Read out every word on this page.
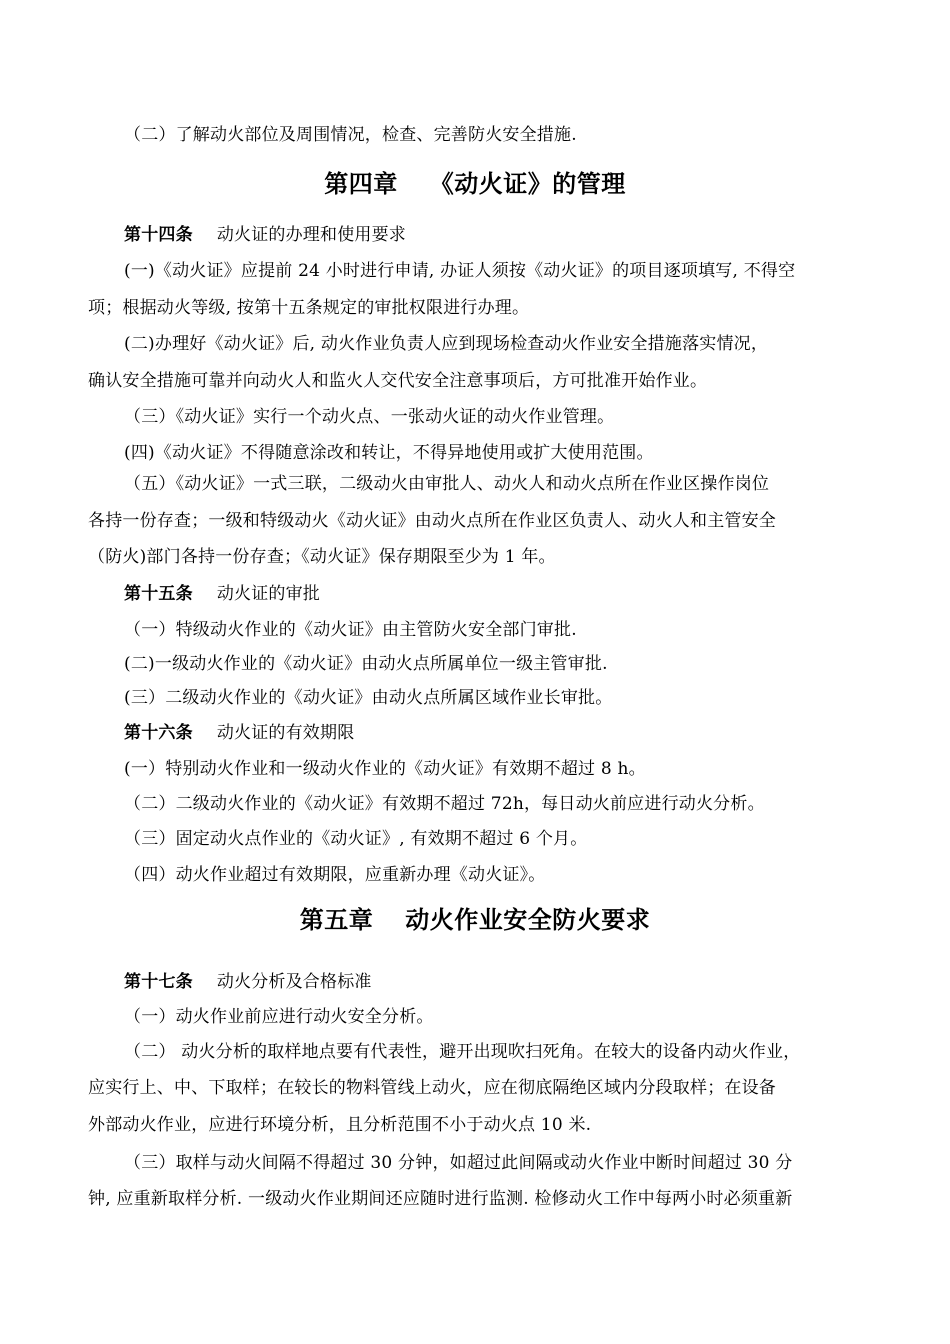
（二）了解动火部位及周围情况，检查、完善防火安全措施.
第四章 《动火证》的管理
第十四条 动火证的办理和使用要求
(一)《动火证》应提前 24 小时进行申请, 办证人须按《动火证》的项目逐项填写, 不得空
项；根据动火等级, 按第十五条规定的审批权限进行办理。
(二)办理好《动火证》后, 动火作业负责人应到现场检查动火作业安全措施落实情况，
确认安全措施可靠并向动火人和监火人交代安全注意事项后，方可批准开始作业。
（三）《动火证》实行一个动火点、一张动火证的动火作业管理。
(四)《动火证》不得随意涂改和转让，不得异地使用或扩大使用范围。
（五）《动火证》一式三联，二级动火由审批人、动火人和动火点所在作业区操作岗位
各持一份存查；一级和特级动火《动火证》由动火点所在作业区负责人、动火人和主管安全
（防火)部门各持一份存查；《动火证》保存期限至少为 1 年。
第十五条 动火证的审批
（一）特级动火作业的《动火证》由主管防火安全部门审批.
(二)一级动火作业的《动火证》由动火点所属单位一级主管审批.
(三）二级动火作业的《动火证》由动火点所属区域作业长审批。
第十六条 动火证的有效期限
(一）特别动火作业和一级动火作业的《动火证》有效期不超过 8 h。
（二）二级动火作业的《动火证》有效期不超过 72h，每日动火前应进行动火分析。
（三）固定动火点作业的《动火证》, 有效期不超过 6 个月。
（四）动火作业超过有效期限，应重新办理《动火证》。
第五章 动火作业安全防火要求
第十七条 动火分析及合格标准
（一）动火作业前应进行动火安全分析。
（二） 动火分析的取样地点要有代表性，避开出现吹扫死角。在较大的设备内动火作业，
应实行上、中、下取样；在较长的物料管线上动火，应在彻底隔绝区域内分段取样；在设备
外部动火作业，应进行环境分析，且分析范围不小于动火点 10 米.
（三）取样与动火间隔不得超过 30 分钟，如超过此间隔或动火作业中断时间超过 30 分
钟, 应重新取样分析. 一级动火作业期间还应随时进行监测. 检修动火工作中每两小时必须重新
